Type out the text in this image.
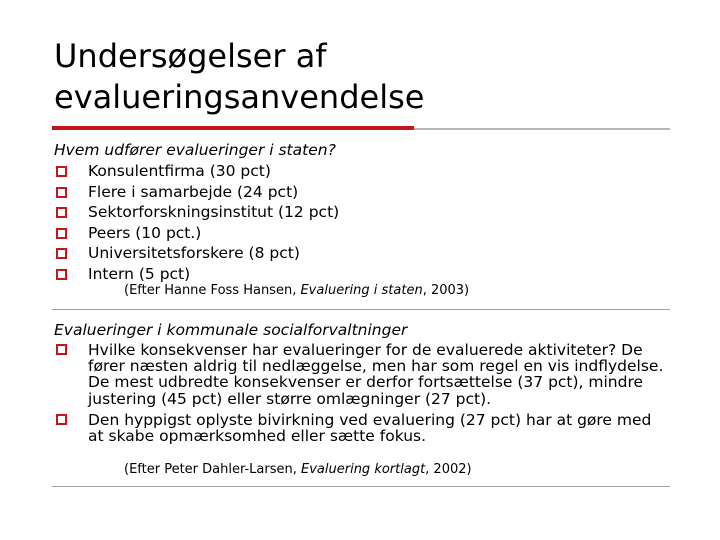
Undersøgelser af
evalueringsanvendelse
Hvem udfører evalueringer i staten?
Konsulentfirma (30 pct)
Flere i samarbejde (24 pct)
Sektorforskningsinstitut (12 pct)
Peers (10 pct.)
Universitetsforskere (8 pct)
Intern (5 pct)
(Efter Hanne Foss Hansen, Evaluering i staten, 2003)
Evalueringer i kommunale socialforvaltninger
Hvilke konsekvenser har evalueringer for de evaluerede aktiviteter? De fører næsten aldrig til nedlæggelse, men har som regel en vis indflydelse. De mest udbredte konsekvenser er derfor fortsættelse (37 pct), mindre justering (45 pct) eller større omlægninger (27 pct).
Den hyppigst oplyste bivirkning ved evaluering (27 pct) har at gøre med at skabe opmærksomhed eller sætte fokus.
(Efter Peter Dahler-Larsen, Evaluering kortlagt, 2002)
